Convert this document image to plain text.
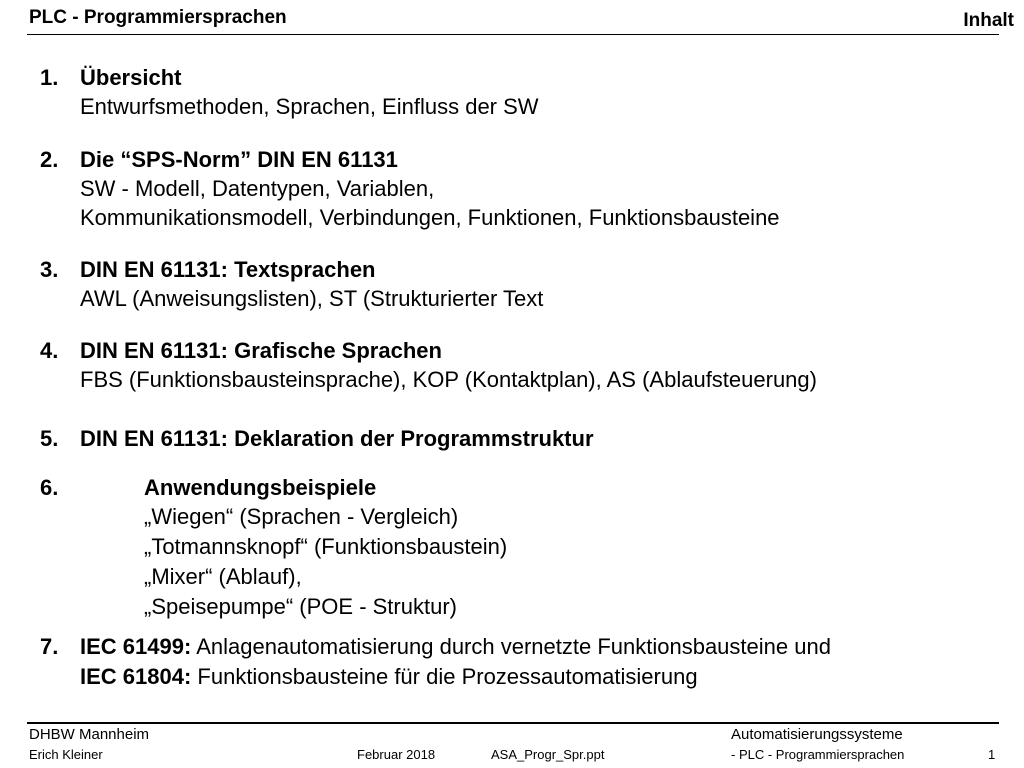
PLC - Programmiersprachen	Inhalt
1. Übersicht
Entwurfsmethoden, Sprachen, Einfluss der SW
2. Die “SPS-Norm” DIN EN 61131
SW - Modell, Datentypen, Variablen,
Kommunikationsmodell, Verbindungen, Funktionen, Funktionsbausteine
3. DIN EN 61131: Textsprachen
AWL (Anweisungslisten), ST (Strukturierter Text
4. DIN EN 61131: Grafische Sprachen
FBS (Funktionsbausteinsprache), KOP (Kontaktplan), AS (Ablaufsteuerung)
5. DIN EN 61131: Deklaration der Programmstruktur
6.	Anwendungsbeispiele
„Wiegen“ (Sprachen - Vergleich)
„Totmannsknopf“ (Funktionsbaustein)
„Mixer“ (Ablauf),
„Speisepumpe“ (POE - Struktur)
7. IEC 61499: Anlagenautomatisierung durch vernetzte Funktionsbausteine und
IEC 61804: Funktionsbausteine für die Prozessautomatisierung
DHBW Mannheim
Erich Kleiner	Februar 2018	ASA_Progr_Spr.ppt
Automatisierungssysteme
- PLC - Programmiersprachen	1
